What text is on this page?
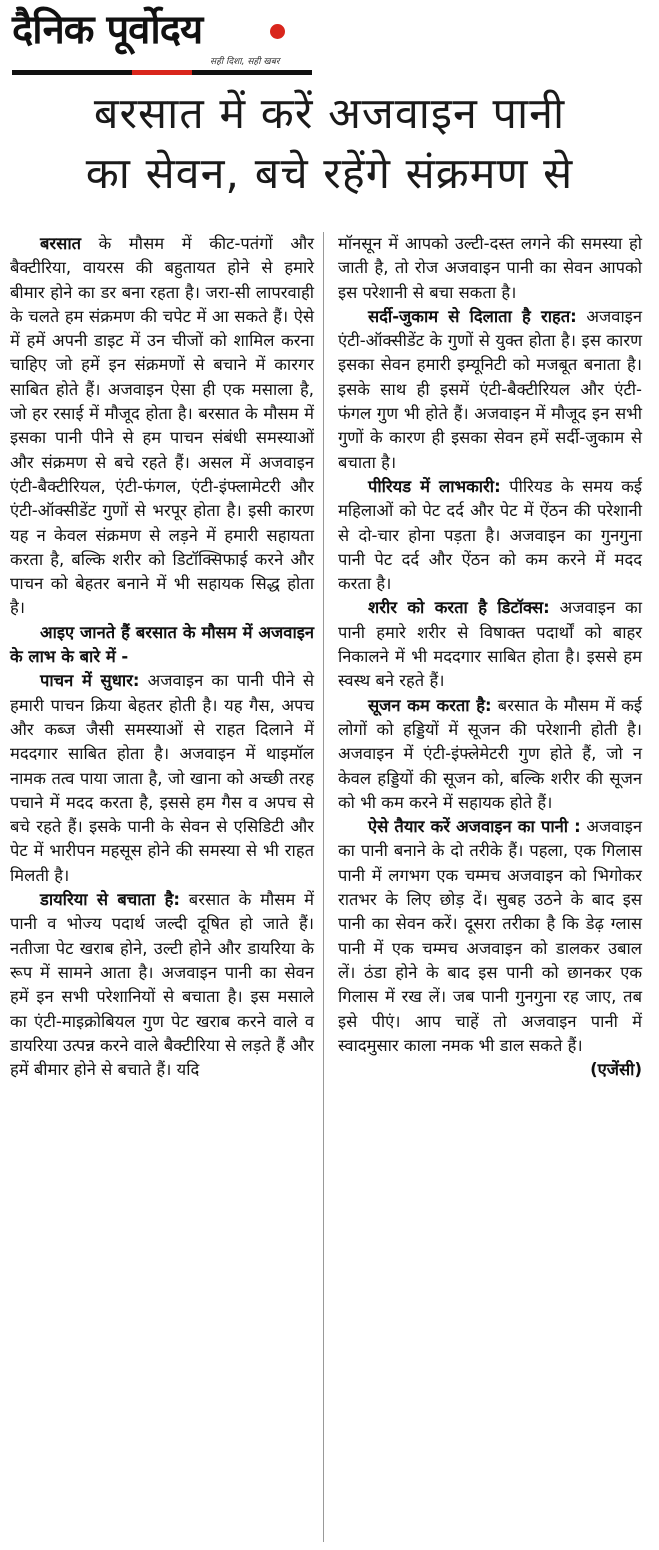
दैनिक पूर्वोदय
सही दिशा, सही खबर
बरसात में करें अजवाइन पानी
का सेवन, बचे रहेंगे संक्रमण से

बरसात के मौसम में कीट-पतंगों और बैक्टीरिया, वायरस की बहुतायत होने से हमारे बीमार होने का डर बना रहता है। जरा-सी लापरवाही के चलते हम संक्रमण की चपेट में आ सकते हैं। ऐसे में हमें अपनी डाइट में उन चीजों को शामिल करना चाहिए जो हमें इन संक्रमणों से बचाने में कारगर साबित होते हैं। अजवाइन ऐसा ही एक मसाला है, जो हर रसाई में मौजूद होता है। बरसात के मौसम में इसका पानी पीने से हम पाचन संबंधी समस्याओं और संक्रमण से बचे रहते हैं। असल में अजवाइन एंटी-बैक्टीरियल, एंटी-फंगल, एंटी-इंफ्लामेटरी और एंटी-ऑक्सीडेंट गुणों से भरपूर होता है। इसी कारण यह न केवल संक्रमण से लड़ने में हमारी सहायता करता है, बल्कि शरीर को डिटॉक्सिफाई करने और पाचन को बेहतर बनाने में भी सहायक सिद्ध होता है।

आइए जानते हैं बरसात के मौसम में अजवाइन के लाभ के बारे में -

पाचन में सुधार: अजवाइन का पानी पीने से हमारी पाचन क्रिया बेहतर होती है। यह गैस, अपच और कब्ज जैसी समस्याओं से राहत दिलाने में मददगार साबित होता है। अजवाइन में थाइमॉल नामक तत्व पाया जाता है, जो खाना को अच्छी तरह पचाने में मदद करता है, इससे हम गैस व अपच से बचे रहते हैं। इसके पानी के सेवन से एसिडिटी और पेट में भारीपन महसूस होने की समस्या से भी राहत मिलती है।

डायरिया से बचाता है: बरसात के मौसम में पानी व भोज्य पदार्थ जल्दी दूषित हो जाते हैं। नतीजा पेट खराब होने, उल्टी होने और डायरिया के रूप में सामने आता है। अजवाइन पानी का सेवन हमें इन सभी परेशानियों से बचाता है। इस मसाले का एंटी-माइक्रोबियल गुण पेट खराब करने वाले व डायरिया उत्पन्न करने वाले बैक्टीरिया से लड़ते हैं और हमें बीमार होने से बचाते हैं। यदि

मॉनसून में आपको उल्टी-दस्त लगने की समस्या हो जाती है, तो रोज अजवाइन पानी का सेवन आपको इस परेशानी से बचा सकता है।

सर्दी-जुकाम से दिलाता है राहत: अजवाइन एंटी-ऑक्सीडेंट के गुणों से युक्त होता है। इस कारण इसका सेवन हमारी इम्यूनिटी को मजबूत बनाता है। इसके साथ ही इसमें एंटी-बैक्टीरियल और एंटी-फंगल गुण भी होते हैं। अजवाइन में मौजूद इन सभी गुणों के कारण ही इसका सेवन हमें सर्दी-जुकाम से बचाता है।

पीरियड में लाभकारी: पीरियड के समय कई महिलाओं को पेट दर्द और पेट में ऐंठन की परेशानी से दो-चार होना पड़ता है। अजवाइन का गुनगुना पानी पेट दर्द और ऐंठन को कम करने में मदद करता है।

शरीर को करता है डिटॉक्स: अजवाइन का पानी हमारे शरीर से विषाक्त पदार्थों को बाहर निकालने में भी मददगार साबित होता है। इससे हम स्वस्थ बने रहते हैं।

सूजन कम करता है: बरसात के मौसम में कई लोगों को हड्डियों में सूजन की परेशानी होती है। अजवाइन में एंटी-इंफ्लेमेटरी गुण होते हैं, जो न केवल हड्डियों की सूजन को, बल्कि शरीर की सूजन को भी कम करने में सहायक होते हैं।

ऐसे तैयार करें अजवाइन का पानी : अजवाइन का पानी बनाने के दो तरीके हैं। पहला, एक गिलास पानी में लगभग एक चम्मच अजवाइन को भिगोकर रातभर के लिए छोड़ दें। सुबह उठने के बाद इस पानी का सेवन करें। दूसरा तरीका है कि डेढ़ ग्लास पानी में एक चम्मच अजवाइन को डालकर उबाल लें। ठंडा होने के बाद इस पानी को छानकर एक गिलास में रख लें। जब पानी गुनगुना रह जाए, तब इसे पीएं। आप चाहें तो अजवाइन पानी में स्वादमुसार काला नमक भी डाल सकते हैं।
(एजेंसी)
